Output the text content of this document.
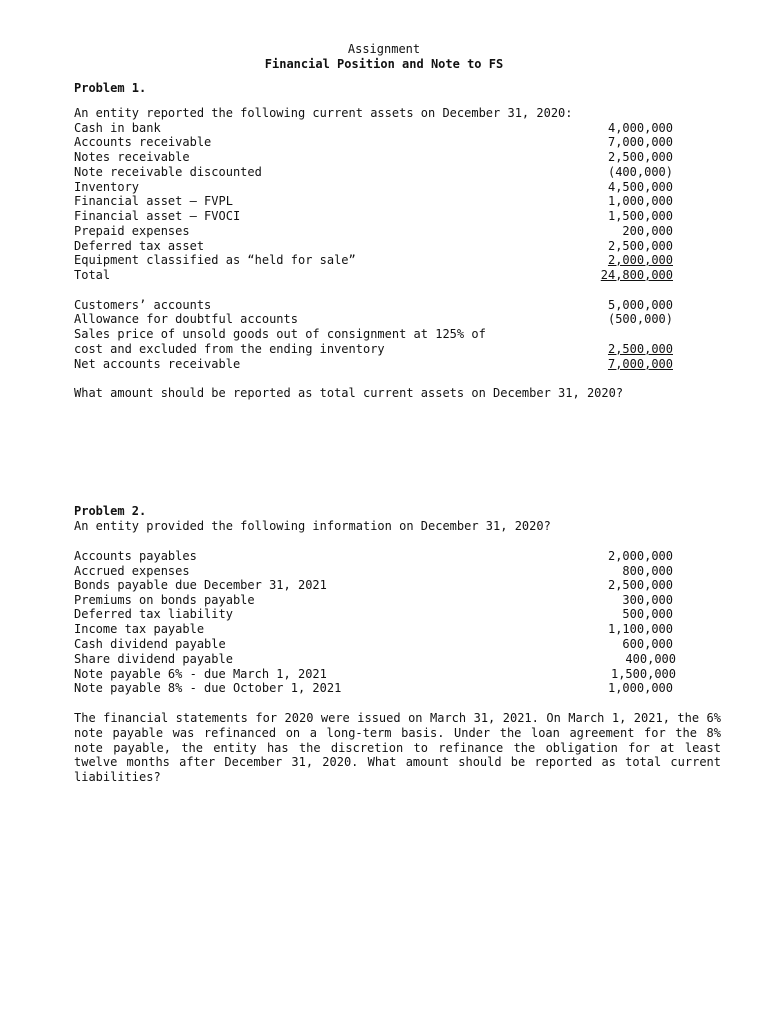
Assignment
Financial Position and Note to FS
Problem 1.
An entity reported the following current assets on December 31, 2020:
Cash in bank	4,000,000
Accounts receivable	7,000,000
Notes receivable	2,500,000
Note receivable discounted	(400,000)
Inventory	4,500,000
Financial asset – FVPL	1,000,000
Financial asset – FVOCI	1,500,000
Prepaid expenses	200,000
Deferred tax asset	2,500,000
Equipment classified as “held for sale”	2,000,000
Total	24,800,000
Customers’ accounts	5,000,000
Allowance for doubtful accounts	(500,000)
Sales price of unsold goods out of consignment at 125% of
cost and excluded from the ending inventory	2,500,000
Net accounts receivable	7,000,000
What amount should be reported as total current assets on December 31, 2020?
Problem 2.
An entity provided the following information on December 31, 2020?
Accounts payables	2,000,000
Accrued expenses	800,000
Bonds payable due December 31, 2021	2,500,000
Premiums on bonds payable	300,000
Deferred tax liability	500,000
Income tax payable	1,100,000
Cash dividend payable	600,000
Share dividend payable	400,000
Note payable 6% - due March 1, 2021	1,500,000
Note payable 8% - due October 1, 2021	1,000,000
The financial statements for 2020 were issued on March 31, 2021. On March 1, 2021, the 6% note payable was refinanced on a long-term basis. Under the loan agreement for the 8% note payable, the entity has the discretion to refinance the obligation for at least twelve months after December 31, 2020. What amount should be reported as total current liabilities?
